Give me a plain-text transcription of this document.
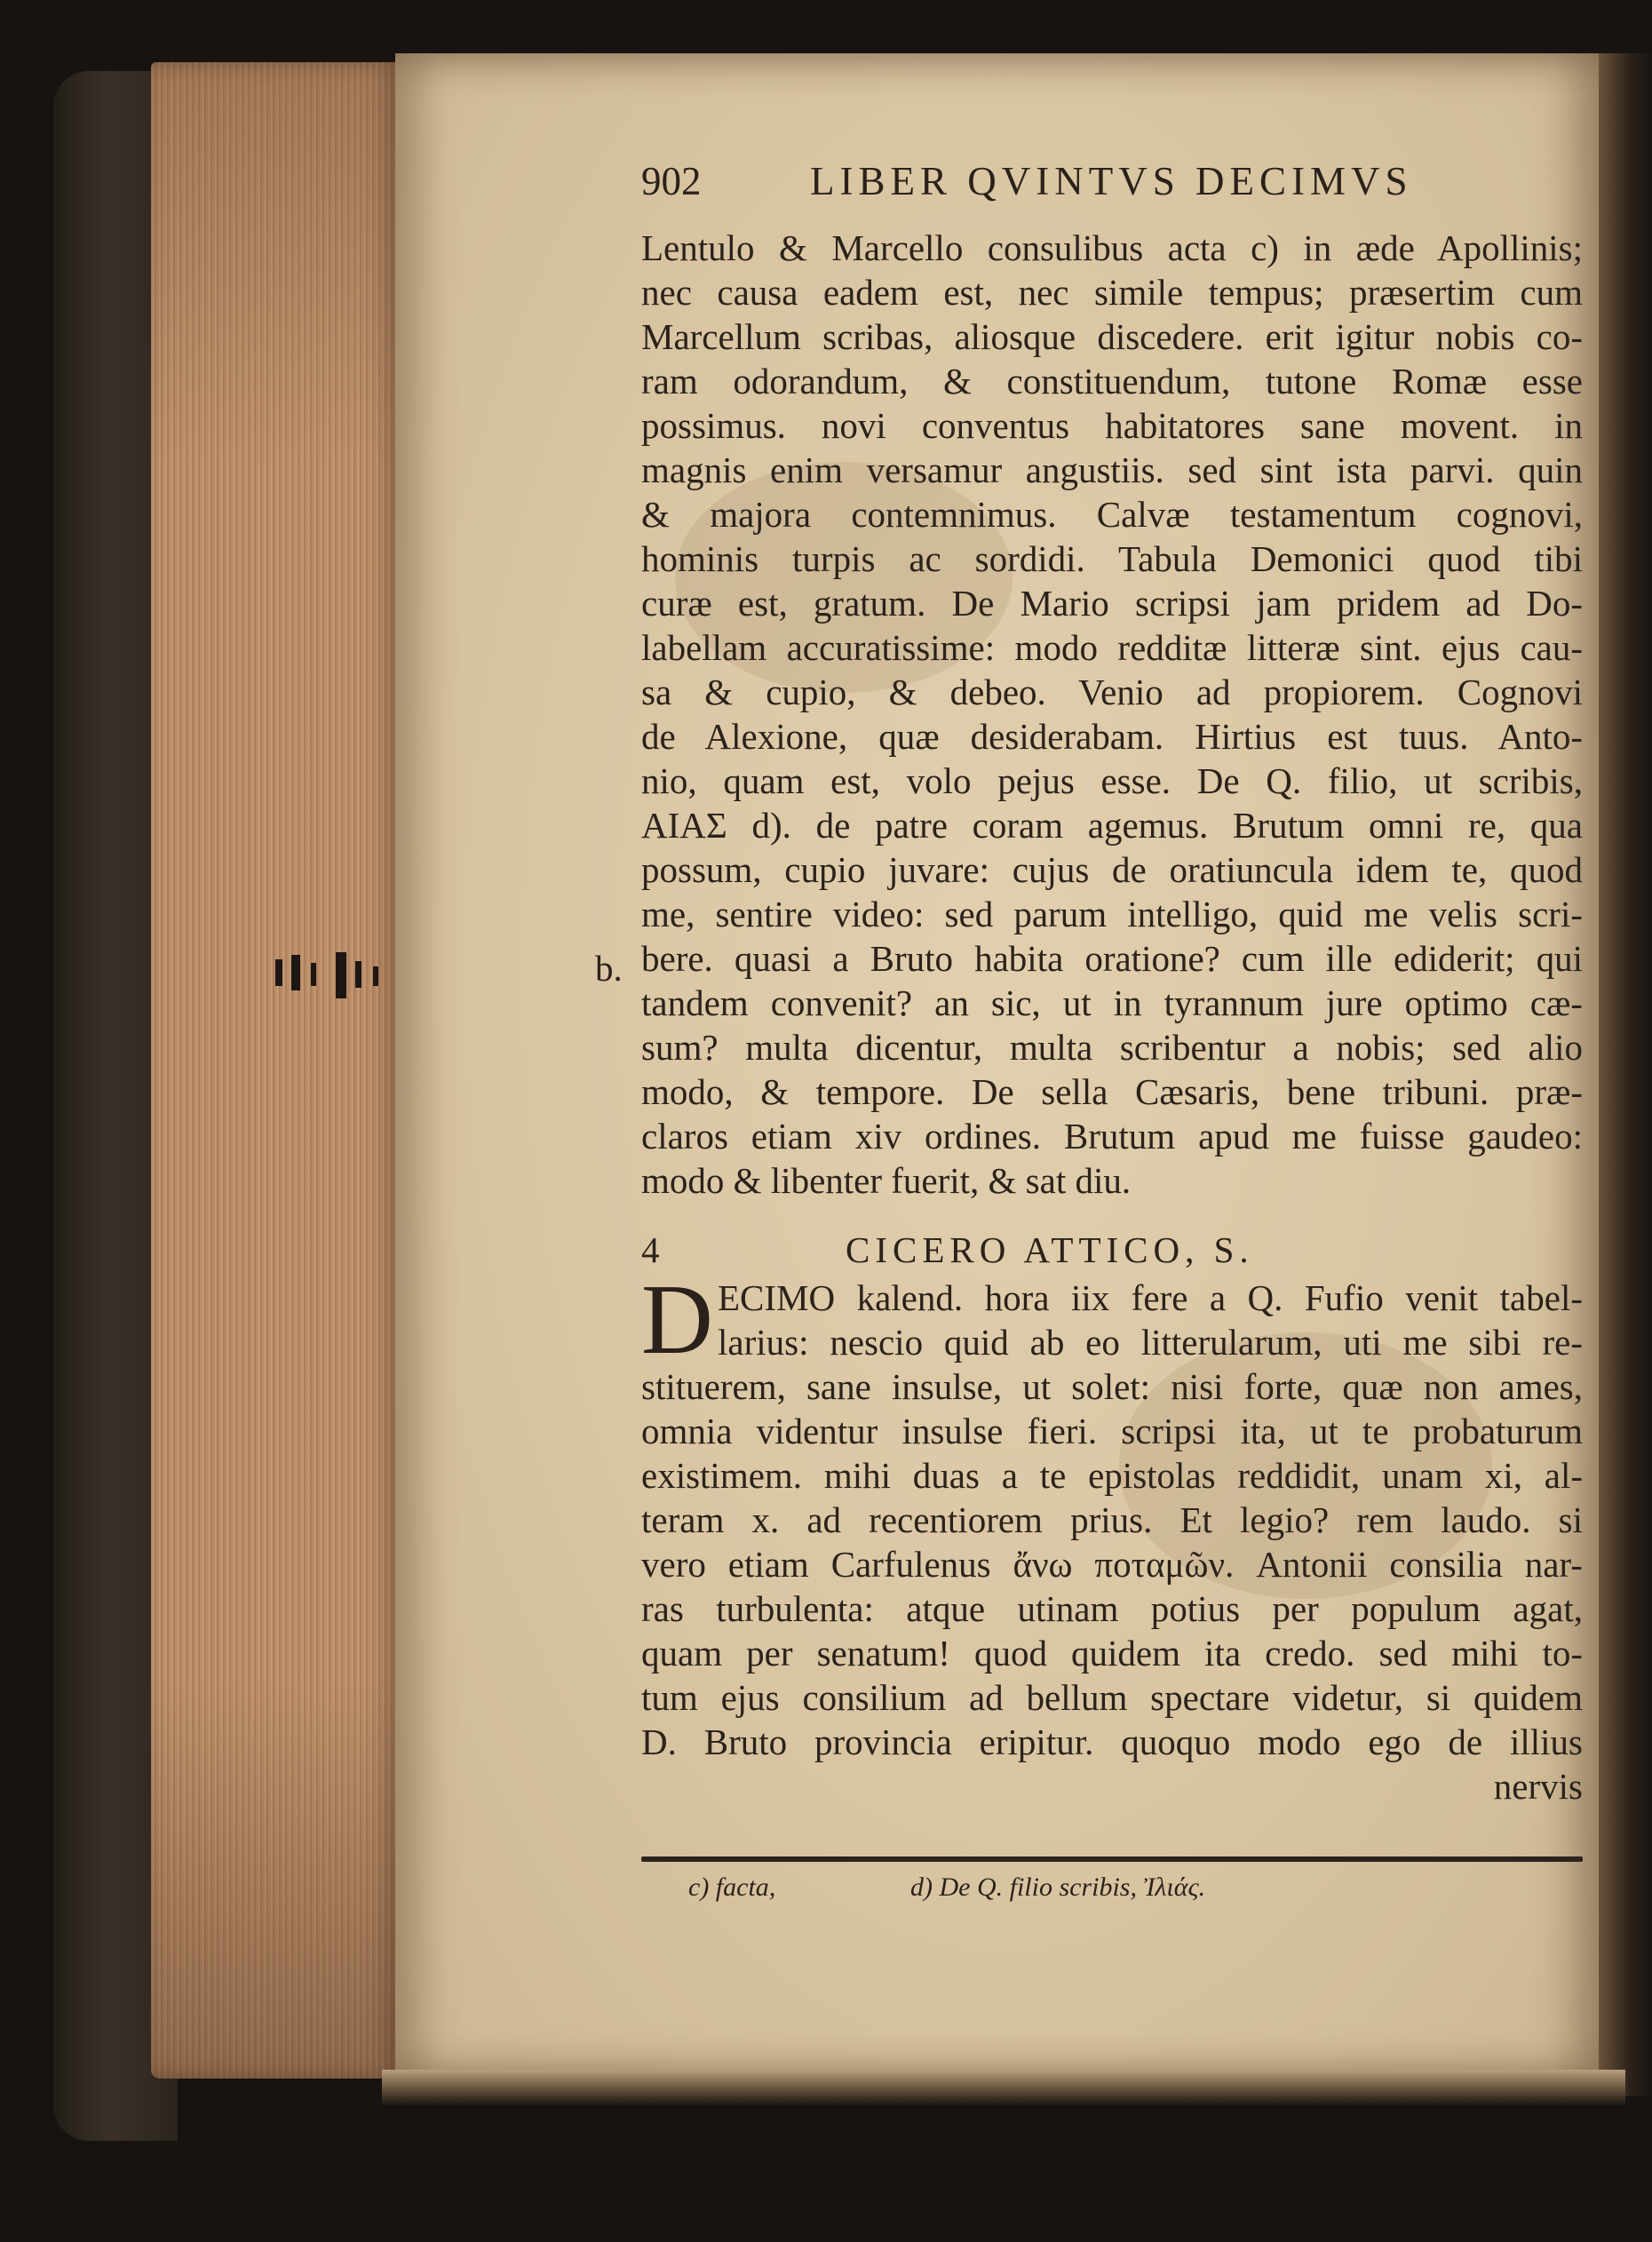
902	LIBER QVINTVS DECIMVS
Lentulo & Marcello consulibus acta c) in æde Apollinis;
nec causa eadem est, nec simile tempus; præsertim cum
Marcellum scribas, aliosque discedere. erit igitur nobis co-
ram odorandum, & constituendum, tutone Romæ esse
possimus. novi conventus habitatores sane movent. in
magnis enim versamur angustiis. sed sint ista parvi. quin
& majora contemnimus. Calvæ testamentum cognovi,
hominis turpis ac sordidi. Tabula Demonici quod tibi
curæ est, gratum. De Mario scripsi jam pridem ad Do-
labellam accuratissime: modo redditæ litteræ sint. ejus cau-
sa & cupio, & debeo. Venio ad propiorem. Cognovi
de Alexione, quæ desiderabam. Hirtius est tuus. Anto-
nio, quam est, volo pejus esse. De Q. filio, ut scribis,
ΑΙΑΣ d). de patre coram agemus. Brutum omni re, qua
possum, cupio juvare: cujus de oratiuncula idem te, quod
me, sentire video: sed parum intelligo, quid me velis scri-
bere. quasi a Bruto habita oratione? cum ille ediderit; qui
tandem convenit? an sic, ut in tyrannum jure optimo cæ-
sum? multa dicentur, multa scribentur a nobis; sed alio
modo, & tempore. De sella Cæsaris, bene tribuni. præ-
claros etiam xiv ordines. Brutum apud me fuisse gaudeo:
modo & libenter fuerit, & sat diu.
b.
4	CICERO ATTICO, S.
D ECIMO kalend. hora iix fere a Q. Fufio venit tabel-
larius: nescio quid ab eo litterularum, uti me sibi re-
stituerem, sane insulse, ut solet: nisi forte, quæ non ames,
omnia videntur insulse fieri. scripsi ita, ut te probaturum
existimem. mihi duas a te epistolas reddidit, unam xi, al-
teram x. ad recentiorem prius. Et legio? rem laudo. si
vero etiam Carfulenus ἄνω ποταμῶν. Antonii consilia nar-
ras turbulenta: atque utinam potius per populum agat,
quam per senatum! quod quidem ita credo. sed mihi to-
tum ejus consilium ad bellum spectare videtur, si quidem
D. Bruto provincia eripitur. quoquo modo ego de illius
nervis
c) facta,	d) De Q. filio scribis, Ἰλιάς.
